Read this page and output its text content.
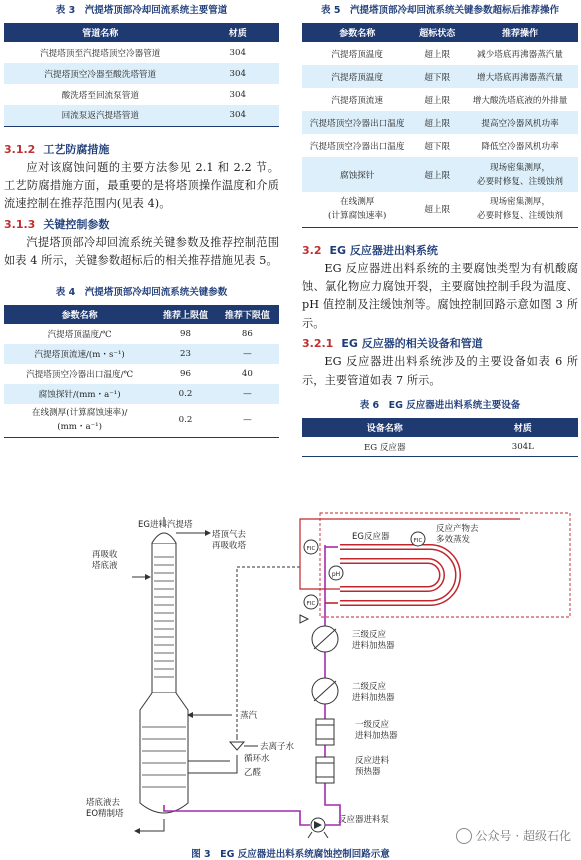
表 3　汽提塔顶部冷却回流系统主要管道
管道名称	材质
汽提塔顶至汽提塔顶空冷器管道	304
汽提塔顶空冷器至酸洗塔管道	304
酸洗塔至回流泵管道	304
回流泵返汽提塔管道	304
3.1.2 工艺防腐措施
应对该腐蚀问题的主要方法参见 2.1 和 2.2 节。工艺防腐措施方面，最重要的是将塔顶操作温度和介质流速控制在推荐范围内(见表 4)。
3.1.3 关键控制参数
汽提塔顶部冷却回流系统关键参数及推荐控制范围如表 4 所示，关键参数超标后的相关推荐措施见表 5。
表 4　汽提塔顶部冷却回流系统关键参数
参数名称	推荐上限值	推荐下限值
汽提塔顶温度/℃	98	86
汽提塔顶流速/(m・s⁻¹)	23	—
汽提塔顶空冷器出口温度/℃	96	40
腐蚀探针/(mm・a⁻¹)	0.2	—
在线测厚(计算腐蚀速率)/
(mm・a⁻¹)	0.2	—
表 5　汽提塔顶部冷却回流系统关键参数超标后推荐操作
参数名称	超标状态	推荐操作
汽提塔顶温度	超上限	减少塔底再沸器蒸汽量
汽提塔顶温度	超下限	增大塔底再沸器蒸汽量
汽提塔顶流速	超上限	增大酸洗塔底液的外排量
汽提塔顶空冷器出口温度	超上限	提高空冷器风机功率
汽提塔顶空冷器出口温度	超下限	降低空冷器风机功率
腐蚀探针	超上限	现场密集测厚，
必要时修复、注缓蚀剂
在线测厚
(计算腐蚀速率)	超上限	现场密集测厚，
必要时修复、注缓蚀剂
3.2 EG 反应器进出料系统
EG 反应器进出料系统的主要腐蚀类型为有机酸腐蚀、氯化物应力腐蚀开裂，主要腐蚀控制手段为温度、pH 值控制及注缓蚀剂等。腐蚀控制回路示意如图 3 所示。
3.2.1 EG 反应器的相关设备和管道
EG 反应器进出料系统涉及的主要设备如表 6 所示，主要管道如表 7 所示。
表 6　EG 反应器进出料系统主要设备
设备名称	材质
EG 反应器	304L
塔顶气去 再吸收塔
EG进料汽提塔
再吸收 塔底液
蒸汽
去离子水
循环水
乙醛
塔底液去 EO精制塔
反应器进料泵
反应进料 预热器
一级反应 进料加热器
二级反应 进料加热器
三级反应 进料加热器
FIC
FIC
EG反应器
pH
FIC
反应产物去 多效蒸发
图 3　EG 反应器进出料系统腐蚀控制回路示意
公众号 · 超级石化
